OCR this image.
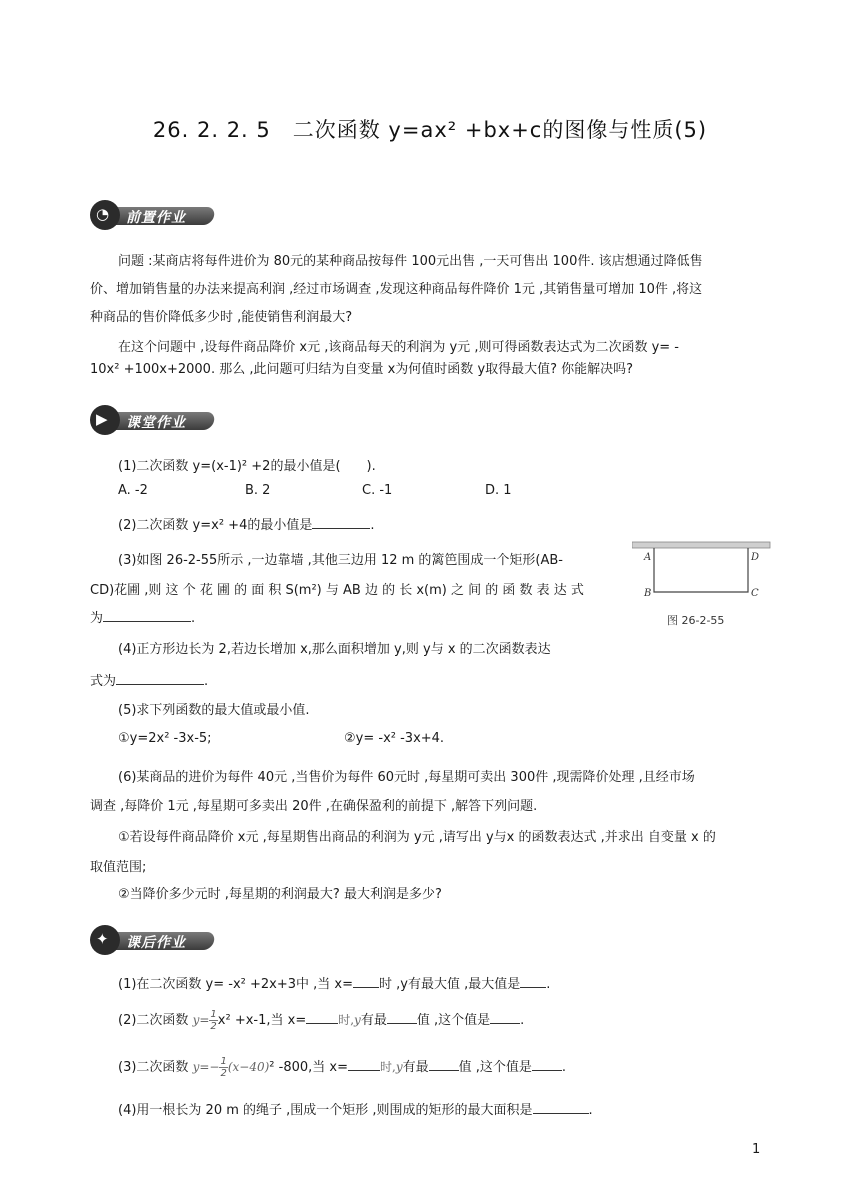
26. 2. 2. 5　二次函数 y=ax² +bx+c的图像与性质(5)
◔ 前置作业
问题 :某商店将每件进价为 80元的某种商品按每件 100元出售 ,一天可售出 100件. 该店想通过降低售
价、增加销售量的办法来提高利润 ,经过市场调查 ,发现这种商品每件降价 1元 ,其销售量可增加 10件 ,将这
种商品的售价降低多少时 ,能使销售利润最大?
在这个问题中 ,设每件商品降价 x元 ,该商品每天的利润为 y元 ,则可得函数表达式为二次函数 y= -
10x² +100x+2000. 那么 ,此问题可归结为自变量 x为何值时函数 y取得最大值? 你能解决吗?
▶ 课堂作业
(1)二次函数 y=(x-1)² +2的最小值是(　　).
A. -2	B. 2	C. -1	D. 1
(2)二次函数 y=x² +4的最小值是	.
(3)如图 26-2-55所示 ,一边靠墙 ,其他三边用 12 m 的篱笆围成一个矩形(AB-
CD)花圃 ,则 这 个 花 圃 的 面 积 S(m²) 与 AB 边 的 长 x(m) 之 间 的 函 数 表 达 式
为	.
A	D
B	C
图 26-2-55
(4)正方形边长为 2,若边长增加 x,那么面积增加 y,则 y与 x 的二次函数表达
式为	.
(5)求下列函数的最大值或最小值.
①y=2x² -3x-5;	②y= -x² -3x+4.
(6)某商品的进价为每件 40元 ,当售价为每件 60元时 ,每星期可卖出 300件 ,现需降价处理 ,且经市场
调查 ,每降价 1元 ,每星期可多卖出 20件 ,在确保盈利的前提下 ,解答下列问题.
①若设每件商品降价 x元 ,每星期售出商品的利润为 y元 ,请写出 y与x 的函数表达式 ,并求出 自变量 x 的
取值范围;
②当降价多少元时 ,每星期的利润最大? 最大利润是多少?
✦ 课后作业
(1)在二次函数 y= -x² +2x+3中 ,当 x= 时 ,y有最大值 ,最大值是 .
(2)二次函数 $y= \frac{1}{2} x^2 +x-1$,当 x=	时,y有最 值 ,这个值是 .
(3)二次函数 $y=- \frac{1}{2} (x-40)^2$ -800,当 x=	时,y有最 值 ,这个值是 .
(4)用一根长为 20 m 的绳子 ,围成一个矩形 ,则围成的矩形的最大面积是	.
1
